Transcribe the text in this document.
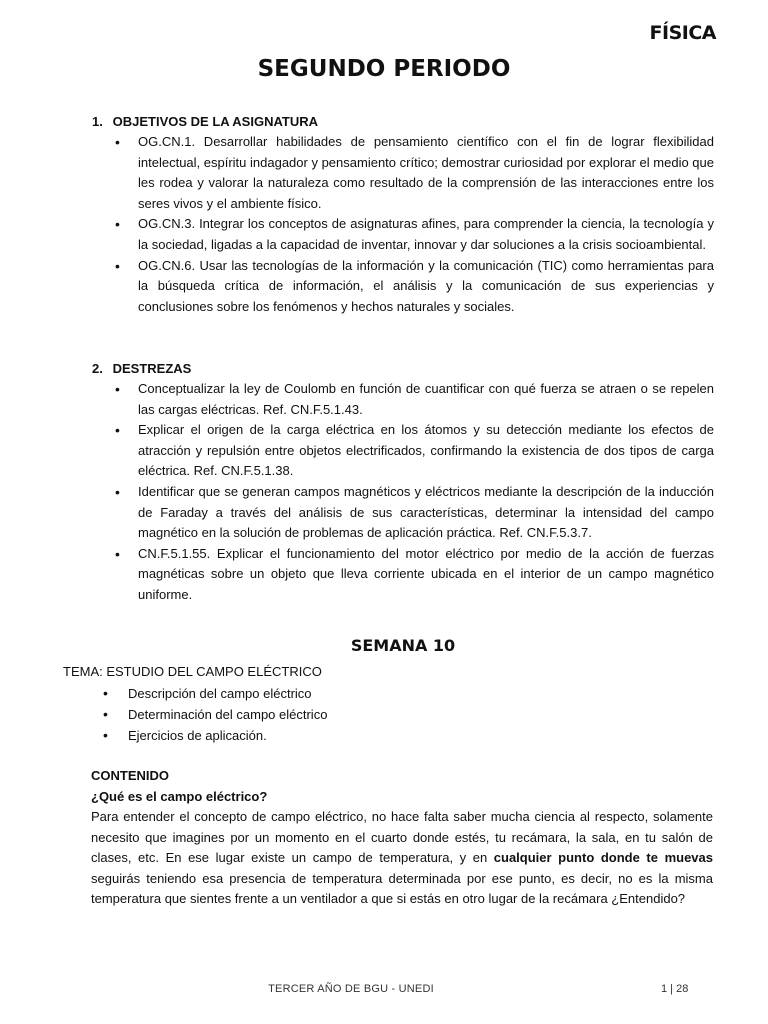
FÍSICA
SEGUNDO PERIODO

1. OBJETIVOS DE LA ASIGNATURA

• OG.CN.1. Desarrollar habilidades de pensamiento científico con el fin de lograr flexibilidad intelectual, espíritu indagador y pensamiento crítico; demostrar curiosidad por explorar el medio que les rodea y valorar la naturaleza como resultado de la comprensión de las interacciones entre los seres vivos y el ambiente físico.
• OG.CN.3. Integrar los conceptos de asignaturas afines, para comprender la ciencia, la tecnología y la sociedad, ligadas a la capacidad de inventar, innovar y dar soluciones a la crisis socioambiental.
• OG.CN.6. Usar las tecnologías de la información y la comunicación (TIC) como herramientas para la búsqueda crítica de información, el análisis y la comunicación de sus experiencias y conclusiones sobre los fenómenos y hechos naturales y sociales.

2. DESTREZAS

• Conceptualizar la ley de Coulomb en función de cuantificar con qué fuerza se atraen o se repelen las cargas eléctricas. Ref. CN.F.5.1.43.
• Explicar el origen de la carga eléctrica en los átomos y su detección mediante los efectos de atracción y repulsión entre objetos electrificados, confirmando la existencia de dos tipos de carga eléctrica. Ref. CN.F.5.1.38.
• Identificar que se generan campos magnéticos y eléctricos mediante la descripción de la inducción de Faraday a través del análisis de sus características, determinar la intensidad del campo magnético en la solución de problemas de aplicación práctica. Ref. CN.F.5.3.7.
• CN.F.5.1.55. Explicar el funcionamiento del motor eléctrico por medio de la acción de fuerzas magnéticas sobre un objeto que lleva corriente ubicada en el interior de un campo magnético uniforme.
SEMANA 10
TEMA: ESTUDIO DEL CAMPO ELÉCTRICO
• Descripción del campo eléctrico
• Determinación del campo eléctrico
• Ejercicios de aplicación.
CONTENIDO
¿Qué es el campo eléctrico?

Para entender el concepto de campo eléctrico, no hace falta saber mucha ciencia al respecto, solamente necesito que imagines por un momento en el cuarto donde estés, tu recámara, la sala, en tu salón de clases, etc. En ese lugar existe un campo de temperatura, y en cualquier punto donde te muevas seguirás teniendo esa presencia de temperatura determinada por ese punto, es decir, no es la misma temperatura que sientes frente a un ventilador a que si estás en otro lugar de la recámara ¿Entendido?

TERCER AÑO DE BGU - UNEDI	1 | 28
